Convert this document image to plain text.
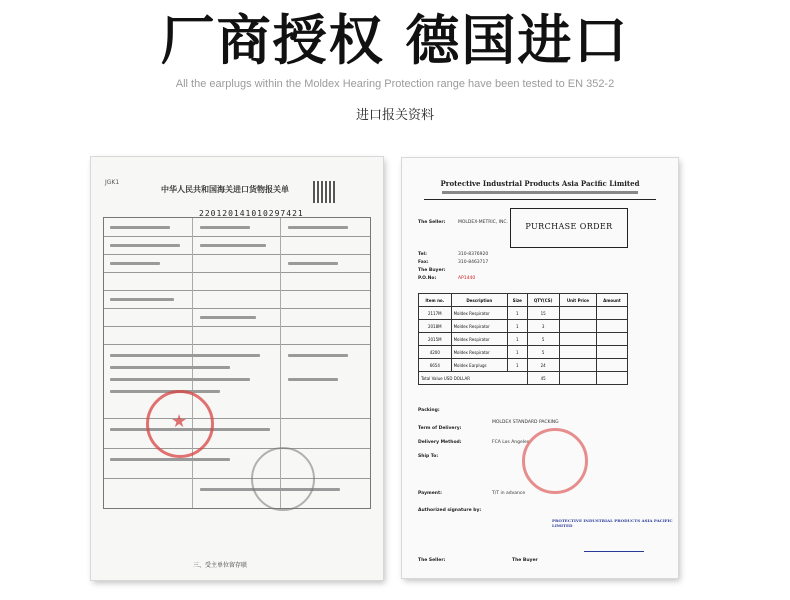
厂商授权 德国进口
All the earplugs within the Moldex Hearing Protection range have been tested to EN 352-2
进口报关资料
JGK1
中华人民共和国海关进口货物报关单
220120141010297421
★
三、受主单位留存联
Protective Industrial Products Asia Pacific Limited
PURCHASE ORDER
The Seller:	MOLDEX-METRIC, INC.
Tel:	310-8376920
Fax:	310-8463717
The Buyer:
P.O.No:	AP1440
Item no.	Description	Size	QTY(CS)	Unit Price	Amount
2117M	Moldex Respirator	1	15		
2018M	Moldex Respirator	1	3		
2015M	Moldex Respirator	1	5		
4200	Moldex Respirator	1	5		
6654	Moldex Earplugs	1	24		
Total Value USD DOLLAR			45		
Packing:
MOLDEX STANDARD PACKING
Term of Delivery:
Delivery Method:	FCA Los Angeles
Ship To:
Payment:	T/T in advance
Authorized signature by:
PROTECTIVE INDUSTRIAL PRODUCTS ASIA PACIFIC LIMITED
The Seller:	The Buyer
